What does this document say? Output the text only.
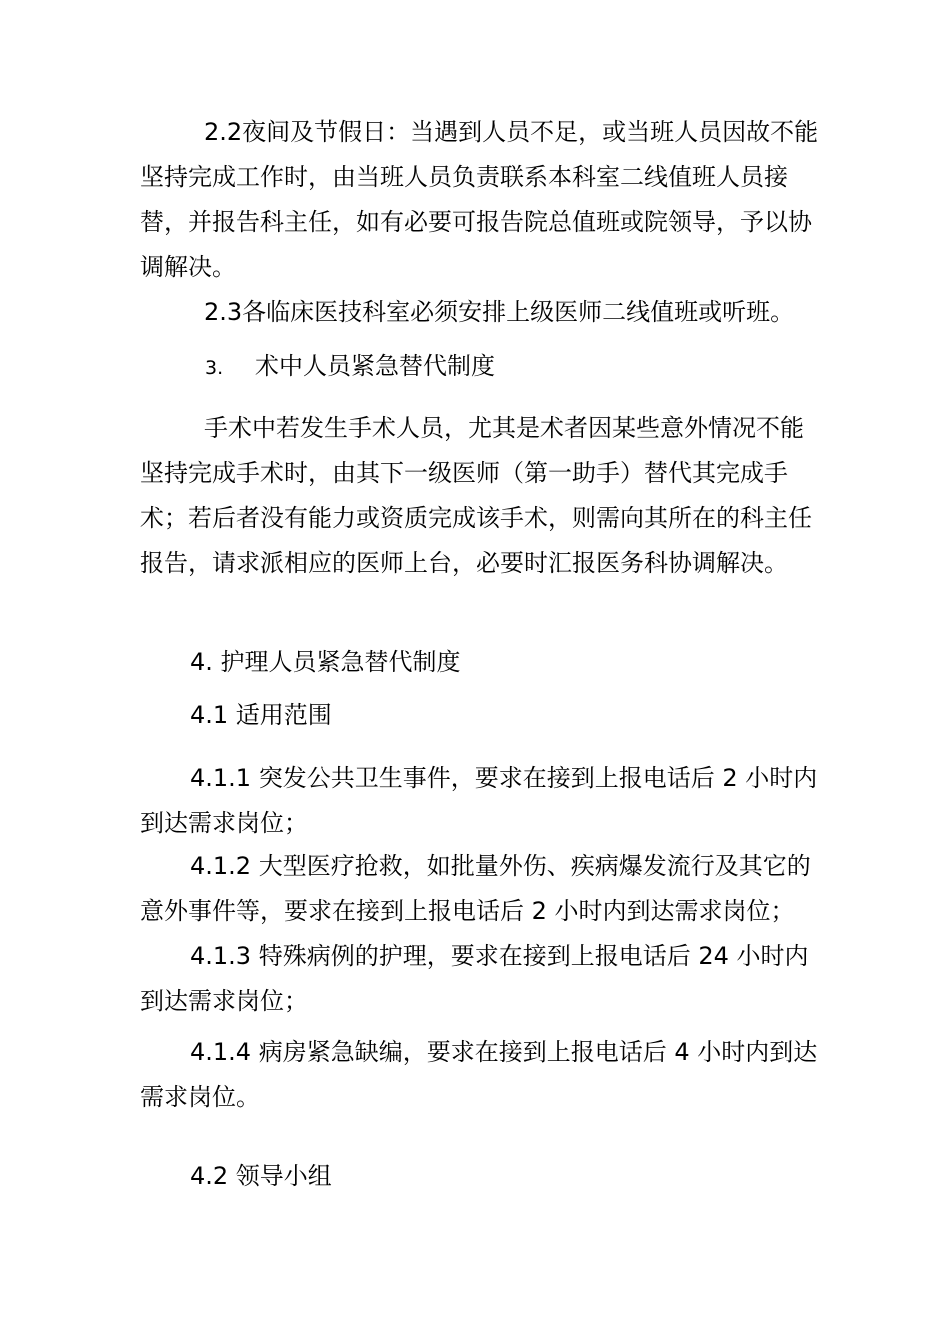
2.2夜间及节假日：当遇到人员不足，或当班人员因故不能坚持完成工作时，由当班人员负责联系本科室二线值班人员接替，并报告科主任，如有必要可报告院总值班或院领导，予以协调解决。

2.3各临床医技科室必须安排上级医师二线值班或听班。

3. 术中人员紧急替代制度

手术中若发生手术人员，尤其是术者因某些意外情况不能坚持完成手术时，由其下一级医师（第一助手）替代其完成手术；若后者没有能力或资质完成该手术，则需向其所在的科主任报告，请求派相应的医师上台，必要时汇报医务科协调解决。

4. 护理人员紧急替代制度

4.1 适用范围

4.1.1 突发公共卫生事件，要求在接到上报电话后 2 小时内到达需求岗位；

4.1.2 大型医疗抢救，如批量外伤、疾病爆发流行及其它的意外事件等，要求在接到上报电话后 2 小时内到达需求岗位；

4.1.3 特殊病例的护理，要求在接到上报电话后 24 小时内到达需求岗位；

4.1.4 病房紧急缺编，要求在接到上报电话后 4 小时内到达需求岗位。

4.2 领导小组
